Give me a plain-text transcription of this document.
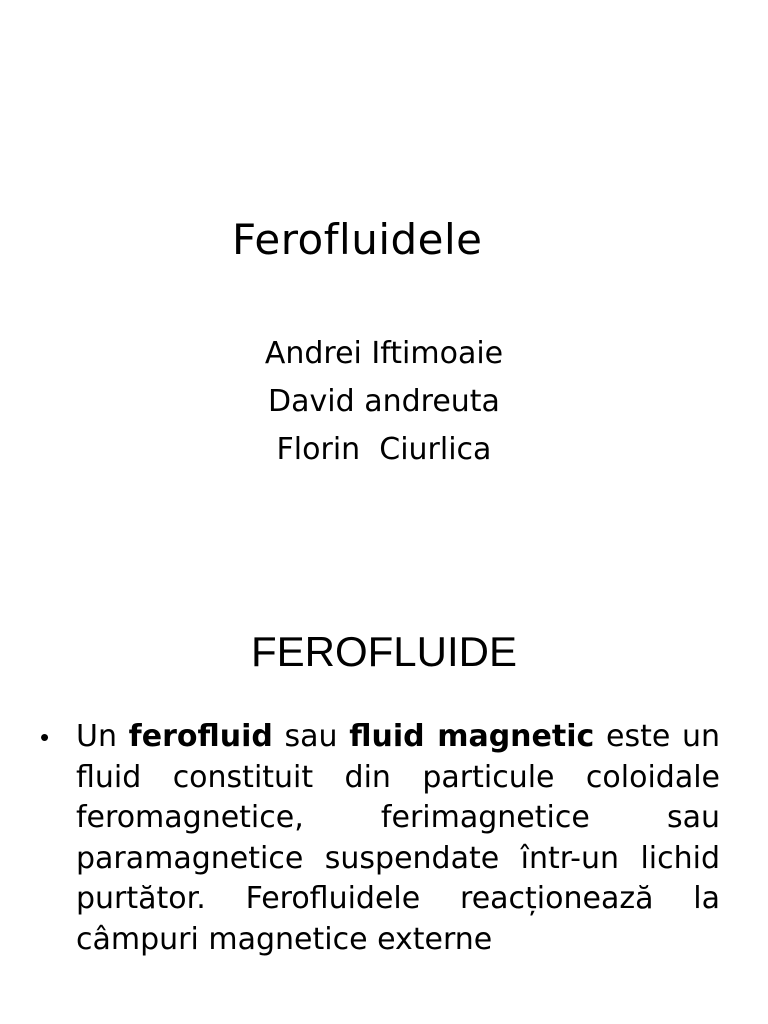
Ferofluidele
Andrei Iftimoaie
David andreuta
Florin  Ciurlica
FEROFLUIDE
• Un ferofluid sau fluid magnetic este un fluid constituit din particule coloidale feromagnetice, ferimagnetice sau paramagnetice suspendate într-un lichid purtător. Ferofluidele reacționează la câmpuri magnetice externe
